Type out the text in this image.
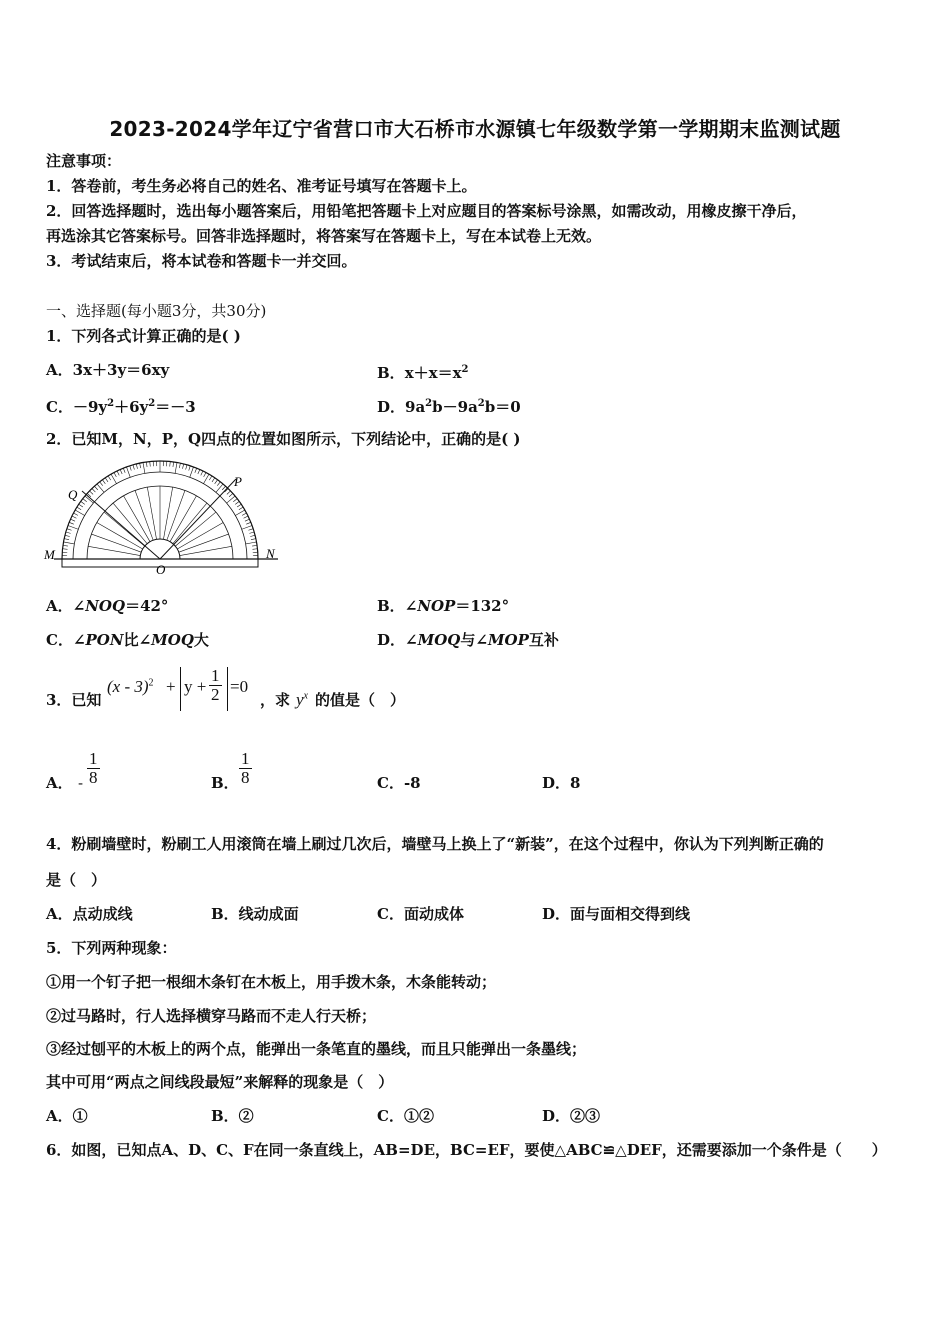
2023-2024学年辽宁省营口市大石桥市水源镇七年级数学第一学期期末监测试题
注意事项：
1．答卷前，考生务必将自己的姓名、准考证号填写在答题卡上。
2．回答选择题时，选出每小题答案后，用铅笔把答题卡上对应题目的答案标号涂黑，如需改动，用橡皮擦干净后，
再选涂其它答案标号。回答非选择题时，将答案写在答题卡上，写在本试卷上无效。
3．考试结束后，将本试卷和答题卡一并交回。
一、选择题(每小题3分，共30分)
1．下列各式计算正确的是( )
A．3x＋3y＝6xy	B．$x+x=x^2$
C．$-9y^2+6y^2=-3$	D．$9a^2b-9a^2b=0$
2．已知M，N，P，Q四点的位置如图所示，下列结论中，正确的是( )
M	N
P
Q
O
A．∠NOQ＝42°	B．∠NOP＝132°
C．∠PON比∠MOQ大	D．∠MOQ与∠MOP互补
3．已知
$(x - 3)^2 + y + \frac{1}{2} =0$
，求 $y^x$ 的值是（　）
A． - $\frac{1}{8}$	B． $\frac{1}{8}$	C．-8	D．8
4．粉刷墙壁时，粉刷工人用滚筒在墙上刷过几次后，墙壁马上换上了“新装”，在这个过程中，你认为下列判断正确的
是（　）
A．点动成线	B．线动成面	C．面动成体	D．面与面相交得到线
5．下列两种现象：
①用一个钉子把一根细木条钉在木板上，用手拨木条，木条能转动；
②过马路时，行人选择横穿马路而不走人行天桥；
③经过刨平的木板上的两个点，能弹出一条笔直的墨线，而且只能弹出一条墨线；
其中可用“两点之间线段最短”来解释的现象是（　）
A．①	B．②	C．①②	D．②③
6．如图，已知点A、D、C、F在同一条直线上，AB=DE，BC=EF，要使△ABC≌△DEF，还需要添加一个条件是（　　）
